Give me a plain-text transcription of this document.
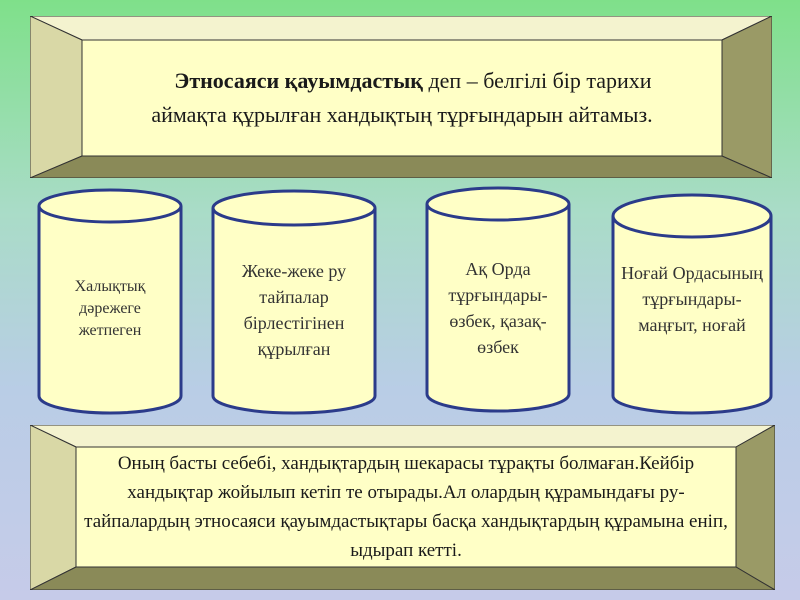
Этносаяси қауымдастық деп – белгілі бір тарихи

аймақта құрылған хандықтың тұрғындарын айтамыз.

Халықтық дәрежеге жетпеген
Жеке-жеке ру тайпалар бірлестігінен құрылған
Ақ Орда тұрғындары- өзбек, қазақ-өзбек
Ноғай Ордасының тұрғындары- маңғыт, ноғай
Оның басты себебі, хандықтардың шекарасы тұрақты болмаған.Кейбір хандықтар жойылып кетіп те отырады.Ал олардың құрамындағы ру-тайпалардың этносаяси қауымдастықтары басқа хандықтардың құрамына еніп, ыдырап кетті.
